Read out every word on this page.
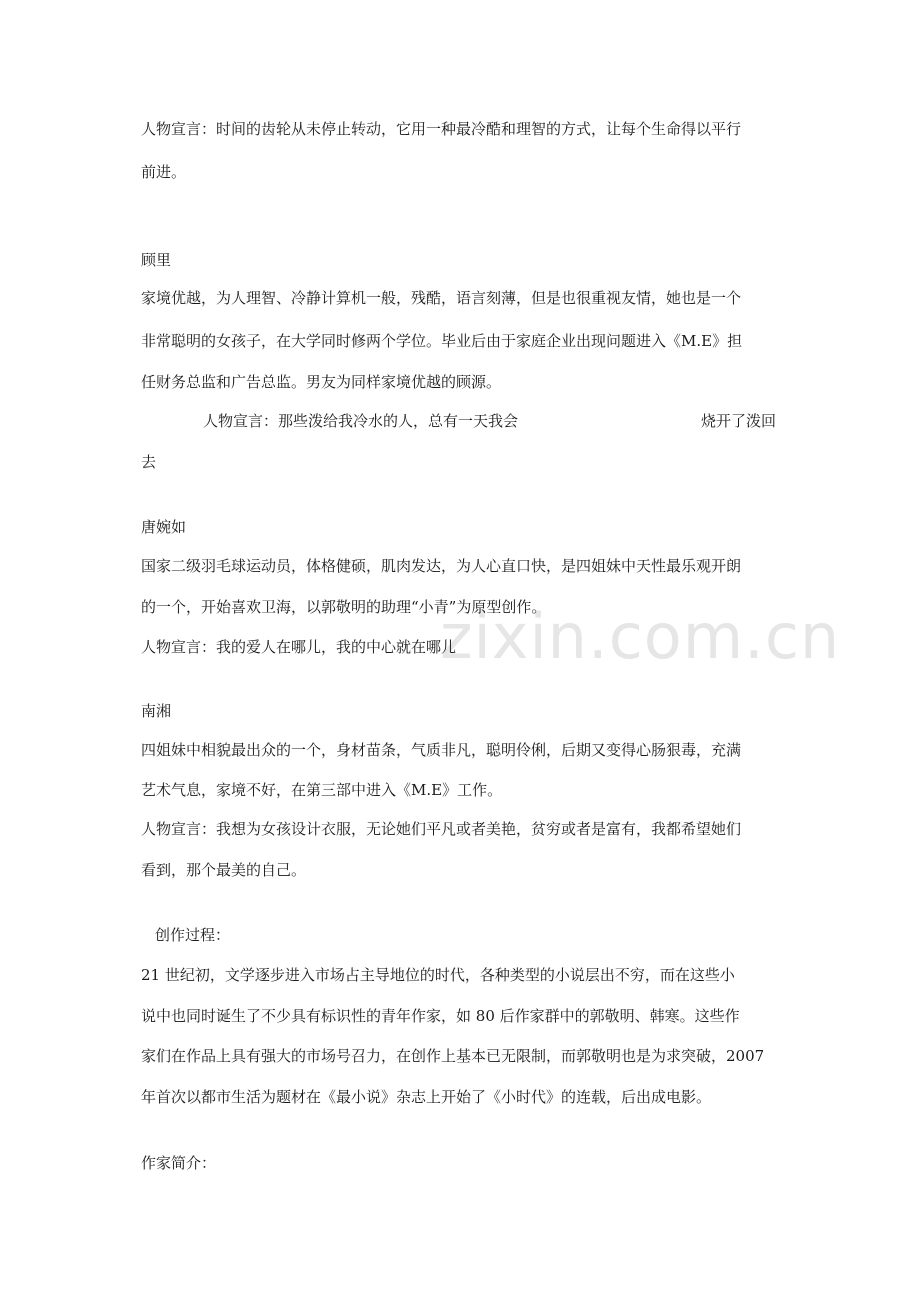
zixin.com.cn
人物宣言：时间的齿轮从未停止转动，它用一种最冷酷和理智的方式，让每个生命得以平行
前进。
顾里
家境优越，为人理智、冷静计算机一般，残酷，语言刻薄，但是也很重视友情，她也是一个
非常聪明的女孩子，在大学同时修两个学位。毕业后由于家庭企业出现问题进入《M.E》担
任财务总监和广告总监。男友为同样家境优越的顾源。
人物宣言：那些泼给我冷水的人，总有一天我会	烧开了泼回
去
唐婉如
国家二级羽毛球运动员，体格健硕，肌肉发达，为人心直口快，是四姐妹中天性最乐观开朗
的一个，开始喜欢卫海，以郭敬明的助理“小青”为原型创作。
人物宣言：我的爱人在哪儿，我的中心就在哪儿
南湘
四姐妹中相貌最出众的一个，身材苗条，气质非凡，聪明伶俐，后期又变得心肠狠毒，充满
艺术气息，家境不好，在第三部中进入《M.E》工作。
人物宣言：我想为女孩设计衣服，无论她们平凡或者美艳，贫穷或者是富有，我都希望她们
看到，那个最美的自己。
创作过程：
21 世纪初，文学逐步进入市场占主导地位的时代，各种类型的小说层出不穷，而在这些小
说中也同时诞生了不少具有标识性的青年作家，如 80 后作家群中的郭敬明、韩寒。这些作
家们在作品上具有强大的市场号召力，在创作上基本已无限制，而郭敬明也是为求突破，2007
年首次以都市生活为题材在《最小说》杂志上开始了《小时代》的连载，后出成电影。
作家简介：
